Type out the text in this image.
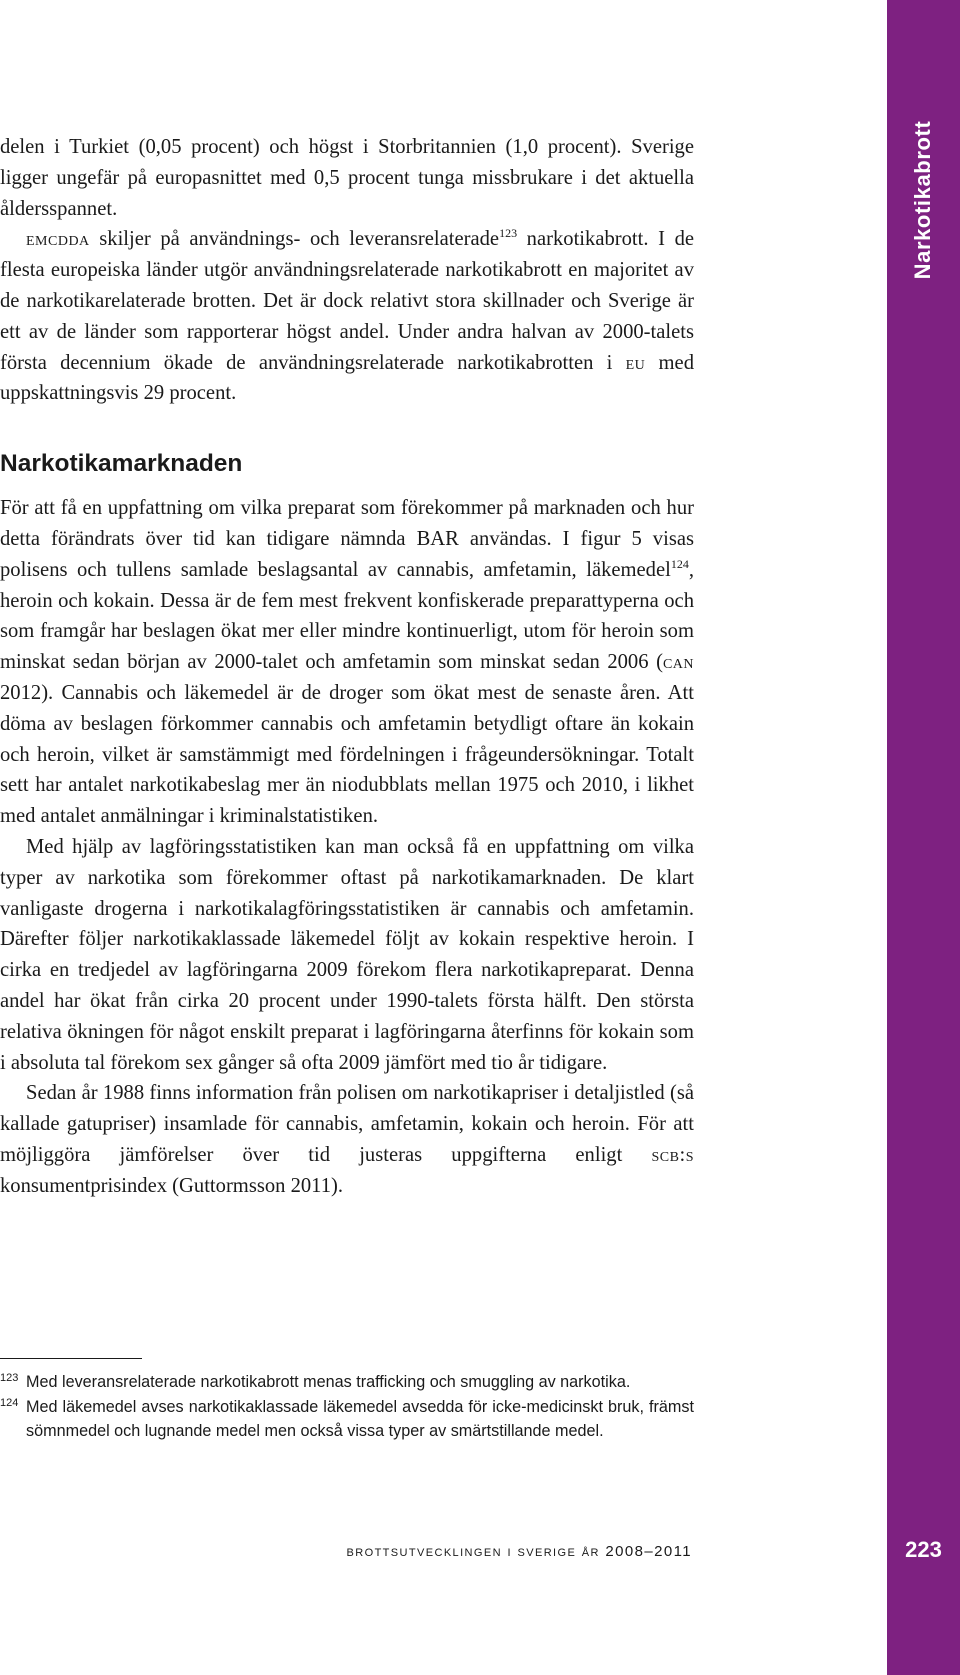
delen i Turkiet (0,05 procent) och högst i Storbritannien (1,0 procent). Sverige ligger ungefär på europasnittet med 0,5 procent tunga missbrukare i det aktuella åldersspannet.

emcdda skiljer på användnings- och leveransrelaterade$^{123}$ narkotikabrott. I de flesta europeiska länder utgör användningsrelaterade narkotikabrott en majoritet av de narkotikarelaterade brotten. Det är dock relativt stora skillnader och Sverige är ett av de länder som rapporterar högst andel. Under andra halvan av 2000-talets första decennium ökade de användningsrelaterade narkotikabrotten i eu med uppskattningsvis 29 procent.

Narkotikamarknaden

För att få en uppfattning om vilka preparat som förekommer på marknaden och hur detta förändrats över tid kan tidigare nämnda BAR användas. I figur 5 visas polisens och tullens samlade beslagsantal av cannabis, amfetamin, läkemedel$^{124}$, heroin och kokain. Dessa är de fem mest frekvent konfiskerade preparattyperna och som framgår har beslagen ökat mer eller mindre kontinuerligt, utom för heroin som minskat sedan början av 2000-talet och amfetamin som minskat sedan 2006 (can 2012). Cannabis och läkemedel är de droger som ökat mest de senaste åren. Att döma av beslagen förkommer cannabis och amfetamin betydligt oftare än kokain och heroin, vilket är samstämmigt med fördelningen i frågeundersökningar. Totalt sett har antalet narkotikabeslag mer än niodubblats mellan 1975 och 2010, i likhet med antalet anmälningar i kriminalstatistiken.

Med hjälp av lagföringsstatistiken kan man också få en uppfattning om vilka typer av narkotika som förekommer oftast på narkotikamarknaden. De klart vanligaste drogerna i narkotikalagföringsstatistiken är cannabis och amfetamin. Därefter följer narkotikaklassade läkemedel följt av kokain respektive heroin. I cirka en tredjedel av lagföringarna 2009 förekom flera narkotikapreparat. Denna andel har ökat från cirka 20 procent under 1990-talets första hälft. Den största relativa ökningen för något enskilt preparat i lagföringarna återfinns för kokain som i absoluta tal förekom sex gånger så ofta 2009 jämfört med tio år tidigare.

Sedan år 1988 finns information från polisen om narkotikapriser i detaljistled (så kallade gatupriser) insamlade för cannabis, amfetamin, kokain och heroin. För att möjliggöra jämförelser över tid justeras uppgifterna enligt scb:s konsumentprisindex (Guttormsson 2011).

123 Med leveransrelaterade narkotikabrott menas trafficking och smuggling av narkotika.

124 Med läkemedel avses narkotikaklassade läkemedel avsedda för icke-medicinskt bruk, främst sömnmedel och lugnande medel men också vissa typer av smärtstillande medel.

brottsutvecklingen i sverige år 2008–2011
Narkotikabrott
223
